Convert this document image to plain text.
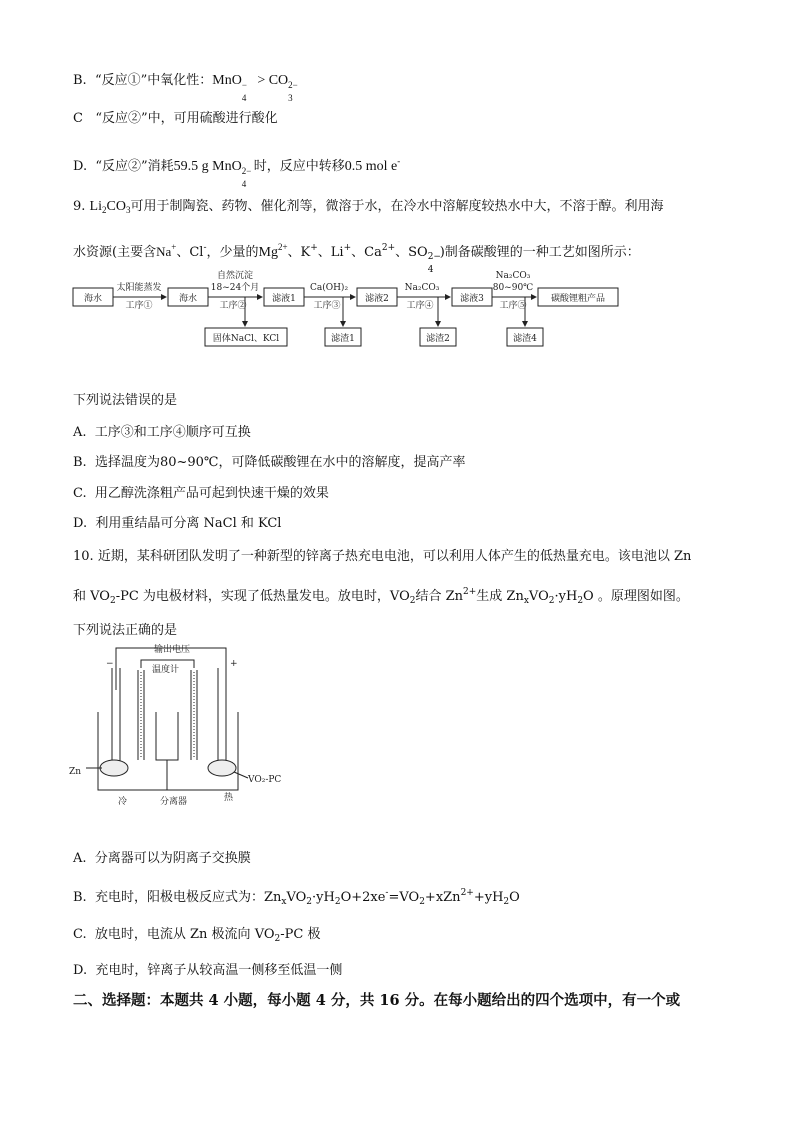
B. “反应①”中氧化性：MnO −
4
> CO 2−
3
C “反应②”中，可用硫酸进行酸化
D. “反应②”消耗59.5 g MnO 2−
4
时，反应中转移0.5 mol e-
9. $Li_2CO_3$可用于制陶瓷、药物、催化剂等，微溶于水，在冷水中溶解度较热水中大，不溶于醇。利用海
水资源(主要含Na+、Cl-，少量的$Mg^{2+}$、K+、Li+、$Ca^{2+}$、SO 2−
4
)制备碳酸锂的一种工艺如图所示：
海水	海水	滤液1	滤液2	滤液3	碳酸锂粗产品
太阳能蒸发
自然沉淀
18~24个月	Ca(OH)₂	Na₂CO₃
Na₂CO₃
80~90℃
工序①	工序②	工序③	工序④	工序⑤
固体NaCl、KCl	滤渣1	滤渣2	滤渣4
下列说法错误的是
A. 工序③和工序④顺序可互换
B. 选择温度为80~90℃，可降低碳酸锂在水中的溶解度，提高产率
C. 用乙醇洗涤粗产品可起到快速干燥的效果
D. 利用重结晶可分离 NaCl 和 KCl
10. 近期，某科研团队发明了一种新型的锌离子热充电电池，可以利用人体产生的低热量充电。该电池以 Zn
和 $VO_2-PC$ 为电极材料，实现了低热量发电。放电时，$VO_2$结合 $Zn^{2+}$生成 $Zn_xVO_2\cdot yH_2O$ 。原理图如图。
下列说法正确的是
输出电压
温度计
−	+
Zn
VO₂-PC
冷	分离器	热
A. 分离器可以为阴离子交换膜
B. 充电时，阳极电极反应式为：$Zn_xVO_2\cdot yH_2O+2xe^-=VO_2+xZn^{2+}+yH_2O$
C. 放电时，电流从 Zn 极流向 $VO_2-PC$ 极
D. 充电时，锌离子从较高温一侧移至低温一侧
二、选择题：本题共 4 小题，每小题 4 分，共 16 分。在每小题给出的四个选项中，有一个或
